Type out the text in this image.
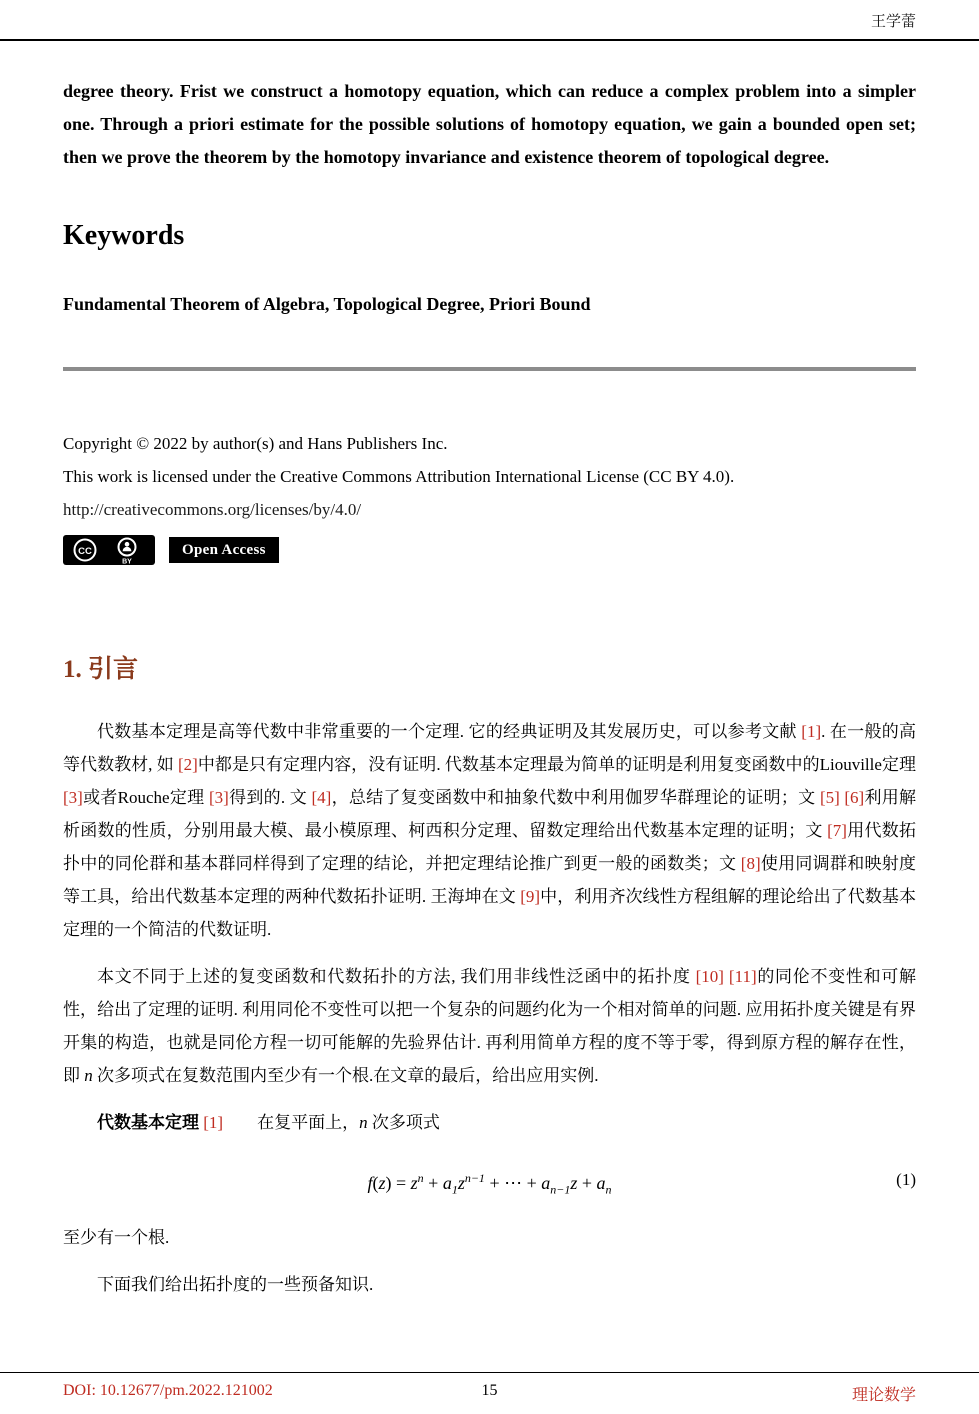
王学蕾

degree theory. Frist we construct a homotopy equation, which can reduce a complex problem into a simpler one. Through a priori estimate for the possible solutions of homotopy equation, we gain a bounded open set; then we prove the theorem by the homotopy invariance and existence theorem of topological degree.

Keywords

Fundamental Theorem of Algebra, Topological Degree, Priori Bound

Copyright © 2022 by author(s) and Hans Publishers Inc.

This work is licensed under the Creative Commons Attribution International License (CC BY 4.0).

http://creativecommons.org/licenses/by/4.0/

CC
BY
Open Access
1. 引言

代数基本定理是高等代数中非常重要的一个定理. 它的经典证明及其发展历史，可以参考文献 [1]. 在一般的高等代数教材, 如 [2]中都是只有定理内容，没有证明. 代数基本定理最为简单的证明是利用复变函数中的Liouville定理 [3]或者Rouche定理 [3]得到的. 文 [4]，总结了复变函数中和抽象代数中利用伽罗华群理论的证明；文 [5] [6]利用解析函数的性质，分别用最大模、最小模原理、柯西积分定理、留数定理给出代数基本定理的证明；文 [7]用代数拓扑中的同伦群和基本群同样得到了定理的结论，并把定理结论推广到更一般的函数类；文 [8]使用同调群和映射度等工具，给出代数基本定理的两种代数拓扑证明. 王海坤在文 [9]中，利用齐次线性方程组解的理论给出了代数基本定理的一个简洁的代数证明.

本文不同于上述的复变函数和代数拓扑的方法, 我们用非线性泛函中的拓扑度 [10] [11]的同伦不变性和可解性，给出了定理的证明. 利用同伦不变性可以把一个复杂的问题约化为一个相对简单的问题. 应用拓扑度关键是有界开集的构造，也就是同伦方程一切可能解的先验界估计. 再利用简单方程的度不等于零，得到原方程的解存在性，即 n 次多项式在复数范围内至少有一个根.在文章的最后，给出应用实例.

代数基本定理 [1]　　在复平面上，n 次多项式

$f(z) = z^n + a_1z^{n-1}$ + ⋯ + $a_{n-1}z + a_n$
(1)

至少有一个根.

下面我们给出拓扑度的一些预备知识.

DOI: 10.12677/pm.2022.121002	15	理论数学
